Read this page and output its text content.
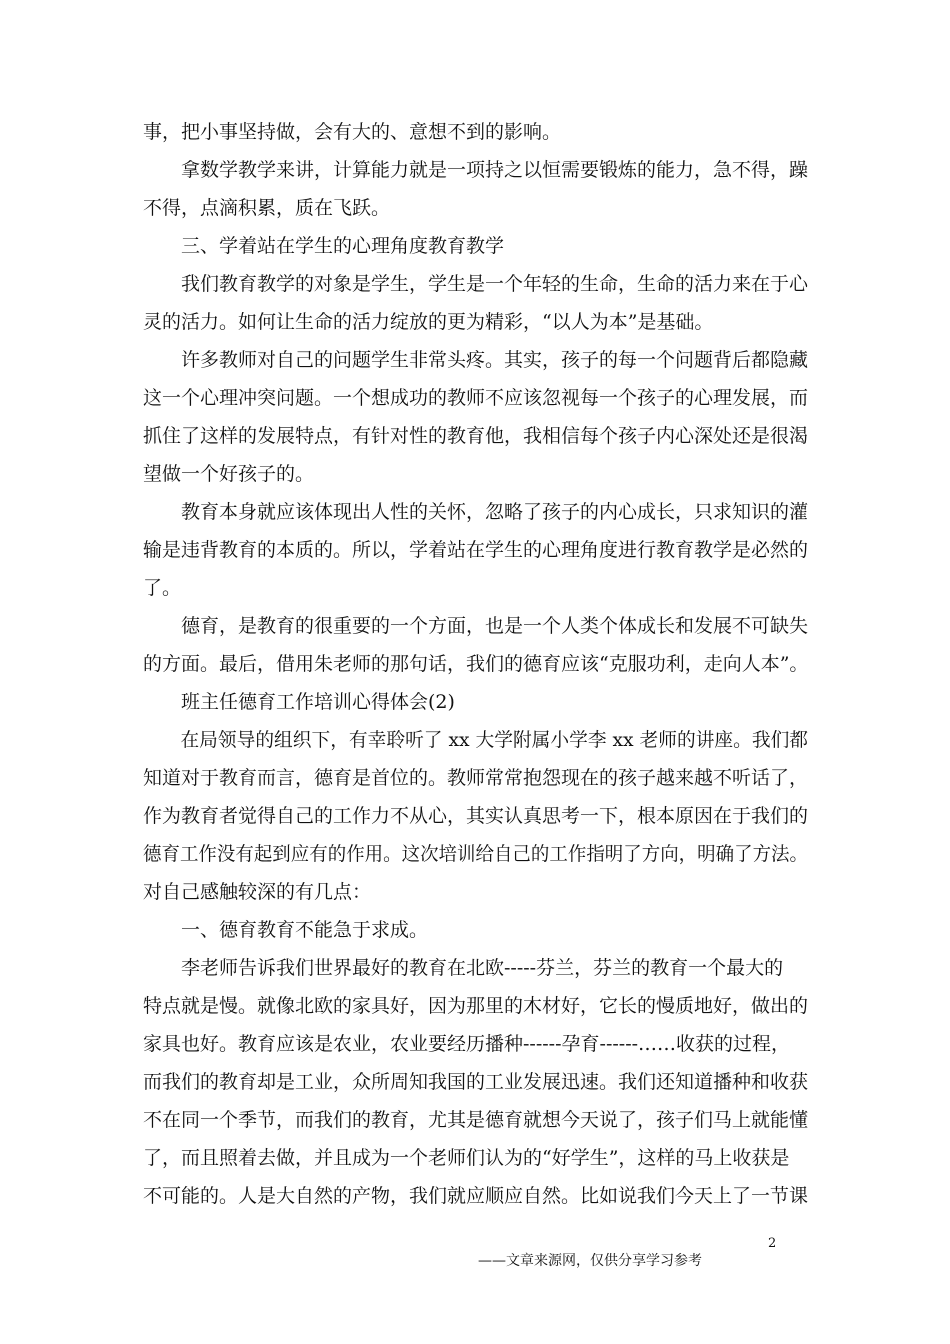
事，把小事坚持做，会有大的、意想不到的影响。
　　拿数学教学来讲，计算能力就是一项持之以恒需要锻炼的能力，急不得，躁
不得，点滴积累，质在飞跃。
　　三、学着站在学生的心理角度教育教学
　　我们教育教学的对象是学生，学生是一个年轻的生命，生命的活力来在于心
灵的活力。如何让生命的活力绽放的更为精彩，“以人为本”是基础。
　　许多教师对自己的问题学生非常头疼。其实，孩子的每一个问题背后都隐藏
这一个心理冲突问题。一个想成功的教师不应该忽视每一个孩子的心理发展，而
抓住了这样的发展特点，有针对性的教育他，我相信每个孩子内心深处还是很渴
望做一个好孩子的。
　　教育本身就应该体现出人性的关怀，忽略了孩子的内心成长，只求知识的灌
输是违背教育的本质的。所以，学着站在学生的心理角度进行教育教学是必然的
了。
　　德育，是教育的很重要的一个方面，也是一个人类个体成长和发展不可缺失
的方面。最后，借用朱老师的那句话，我们的德育应该“克服功利，走向人本”。
　　班主任德育工作培训心得体会(2)
　　在局领导的组织下，有幸聆听了 xx 大学附属小学李 xx 老师的讲座。我们都
知道对于教育而言，德育是首位的。教师常常抱怨现在的孩子越来越不听话了，
作为教育者觉得自己的工作力不从心，其实认真思考一下，根本原因在于我们的
德育工作没有起到应有的作用。这次培训给自己的工作指明了方向，明确了方法。
对自己感触较深的有几点：
　　一、德育教育不能急于求成。
　　李老师告诉我们世界最好的教育在北欧-----芬兰，芬兰的教育一个最大的
特点就是慢。就像北欧的家具好，因为那里的木材好，它长的慢质地好，做出的
家具也好。教育应该是农业，农业要经历播种------孕育------……收获的过程，
而我们的教育却是工业，众所周知我国的工业发展迅速。我们还知道播种和收获
不在同一个季节，而我们的教育，尤其是德育就想今天说了，孩子们马上就能懂
了，而且照着去做，并且成为一个老师们认为的“好学生”，这样的马上收获是
不可能的。人是大自然的产物，我们就应顺应自然。比如说我们今天上了一节课
2
——文章来源网，仅供分享学习参考
